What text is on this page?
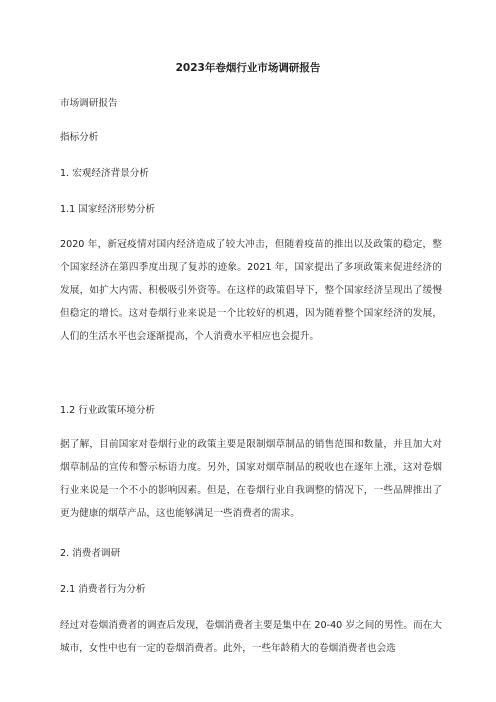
2023年卷烟行业市场调研报告
市场调研报告
指标分析
1. 宏观经济背景分析
1.1 国家经济形势分析

2020 年，新冠疫情对国内经济造成了较大冲击，但随着疫苗的推出以及政策的稳定，整个国家经济在第四季度出现了复苏的迹象。2021 年，国家提出了多项政策来促进经济的发展，如扩大内需、积极吸引外资等。在这样的政策倡导下，整个国家经济呈现出了缓慢但稳定的增长。这对卷烟行业来说是一个比较好的机遇，因为随着整个国家经济的发展，人们的生活水平也会逐渐提高，个人消费水平相应也会提升。

1.2 行业政策环境分析

据了解，目前国家对卷烟行业的政策主要是限制烟草制品的销售范围和数量，并且加大对烟草制品的宣传和警示标语力度。另外，国家对烟草制品的税收也在逐年上涨，这对卷烟行业来说是一个不小的影响因素。但是，在卷烟行业自我调整的情况下，一些品牌推出了更为健康的烟草产品，这也能够满足一些消费者的需求。

2. 消费者调研
2.1 消费者行为分析

经过对卷烟消费者的调查后发现，卷烟消费者主要是集中在 20-40 岁之间的男性。而在大城市，女性中也有一定的卷烟消费者。此外，一些年龄稍大的卷烟消费者也会选
